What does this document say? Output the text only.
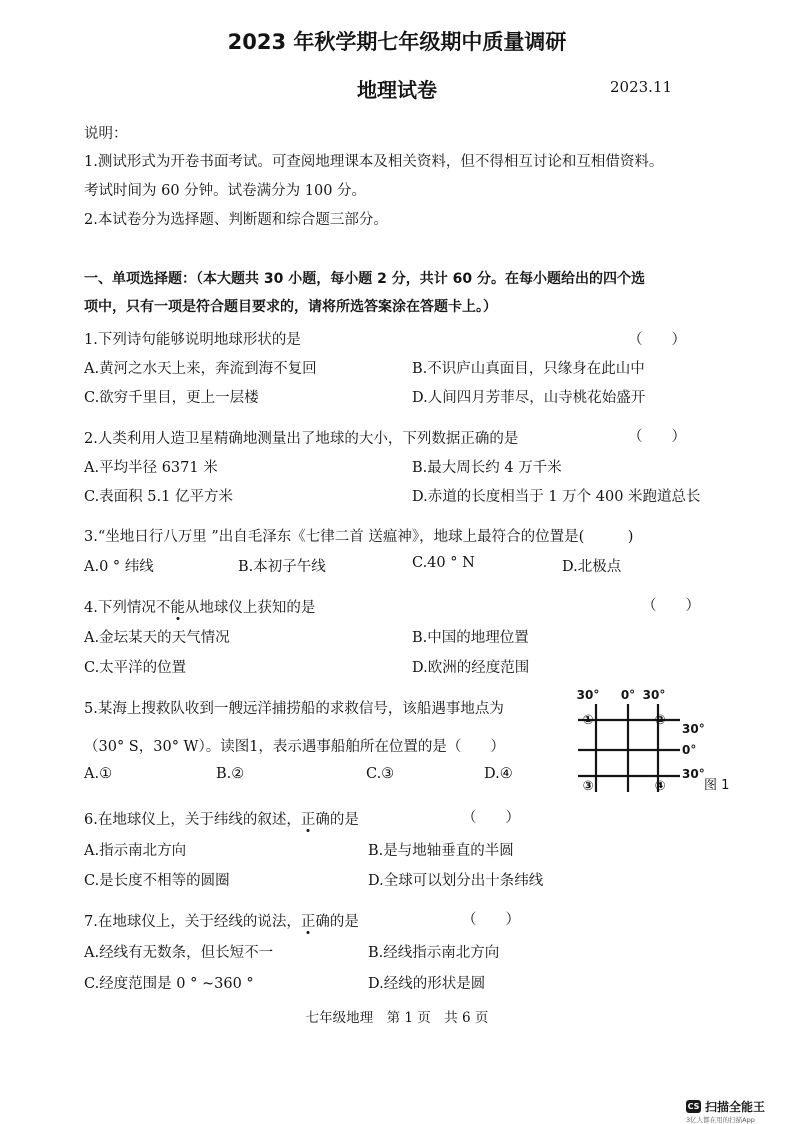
2023 年秋学期七年级期中质量调研
地理试卷	2023.11
说明：
1.测试形式为开卷书面考试。可查阅地理课本及相关资料，但不得相互讨论和互相借资料。
考试时间为 60 分钟。试卷满分为 100 分。
2.本试卷分为选择题、判断题和综合题三部分。
一、单项选择题：（本大题共 30 小题，每小题 2 分，共计 60 分。在每小题给出的四个选
项中，只有一项是符合题目要求的，请将所选答案涂在答题卡上。）
1.下列诗句能够说明地球形状的是	（　　）
A.黄河之水天上来，奔流到海不复回	B.不识庐山真面目，只缘身在此山中
C.欲穷千里目，更上一层楼	D.人间四月芳菲尽，山寺桃花始盛开
2.人类利用人造卫星精确地测量出了地球的大小，下列数据正确的是	（　　）
A.平均半径 6371 米	B.最大周长约 4 万千米
C.表面积 5.1 亿平方米	D.赤道的长度相当于 1 万个 400 米跑道总长
3.“坐地日行八万里 ”出自毛泽东《七律二首 送瘟神》，地球上最符合的位置是(　　　)
A.0 ° 纬线	B.本初子午线	C.40 ° N	D.北极点
4.下列情况不能从地球仪上获知的是	（　　）
A.金坛某天的天气情况	B.中国的地理位置
C.太平洋的位置	D.欧洲的经度范围
5.某海上搜救队收到一艘远洋捕捞船的求救信号，该船遇事地点为
（30° S，30° W）。读图1，表示遇事船舶所在位置的是（　　）
A.①	B.②	C.③	D.④
30° 0° 30°
30°
0°
30°
①	②
③	④	图 1
6.在地球仪上，关于纬线的叙述，正确的是	（　　）
A.指示南北方向	B.是与地轴垂直的半圆
C.是长度不相等的圆圈	D.全球可以划分出十条纬线
7.在地球仪上，关于经线的说法，正确的是	（　　）
A.经线有无数条，但长短不一	B.经线指示南北方向
C.经度范围是 0 ° ~360 °	D.经线的形状是圆
七年级地理　第 1 页　共 6 页
CS 扫描全能王
3亿人都在用的扫描App
